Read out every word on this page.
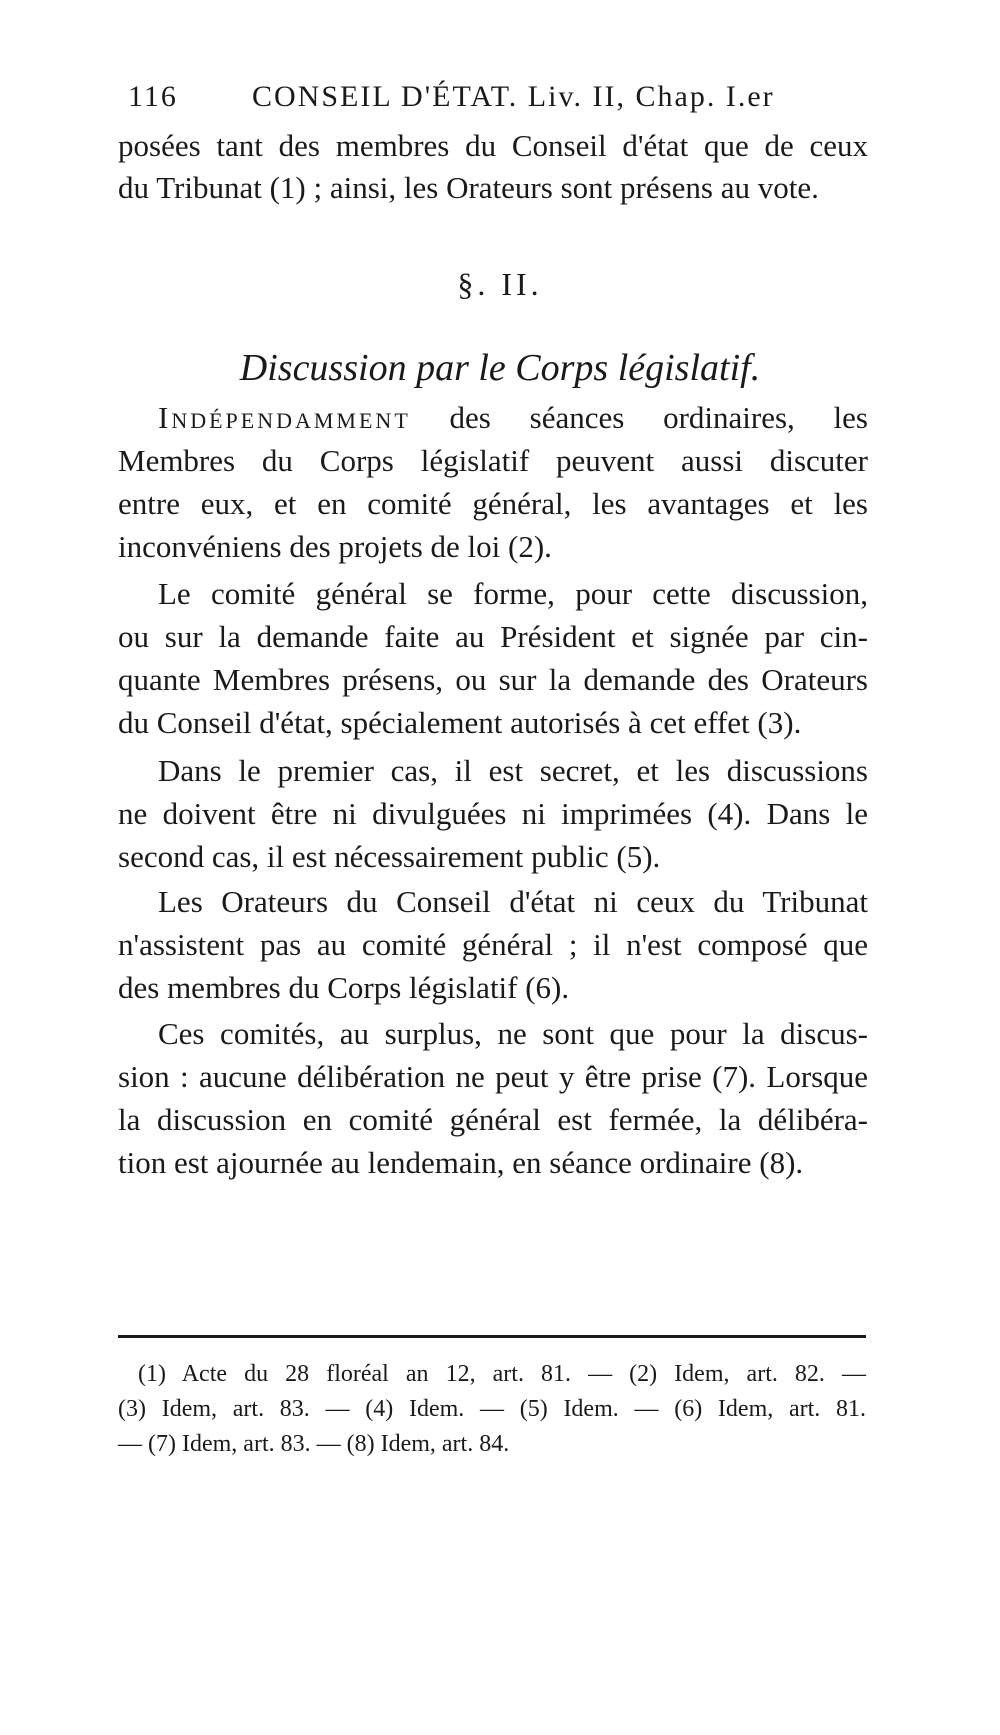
116 CONSEIL D'ÉTAT. Liv. II, Chap. I.er
posées tant des membres du Conseil d'état que de ceux
du Tribunat (1) ; ainsi, les Orateurs sont présens au vote.
§. II.
Discussion par le Corps législatif.
Indépendamment des séances ordinaires, les
Membres du Corps législatif peuvent aussi discuter
entre eux, et en comité général, les avantages et les
inconvéniens des projets de loi (2).
Le comité général se forme, pour cette discussion,
ou sur la demande faite au Président et signée par cin-
quante Membres présens, ou sur la demande des Orateurs
du Conseil d'état, spécialement autorisés à cet effet (3).
Dans le premier cas, il est secret, et les discussions
ne doivent être ni divulguées ni imprimées (4). Dans le
second cas, il est nécessairement public (5).
Les Orateurs du Conseil d'état ni ceux du Tribunat
n'assistent pas au comité général ; il n'est composé que
des membres du Corps législatif (6).
Ces comités, au surplus, ne sont que pour la discus-
sion : aucune délibération ne peut y être prise (7). Lorsque
la discussion en comité général est fermée, la délibéra-
tion est ajournée au lendemain, en séance ordinaire (8).
(1) Acte du 28 floréal an 12, art. 81. — (2) Idem, art. 82. —
(3) Idem, art. 83. — (4) Idem. — (5) Idem. — (6) Idem, art. 81.
— (7) Idem, art. 83. — (8) Idem, art. 84.
